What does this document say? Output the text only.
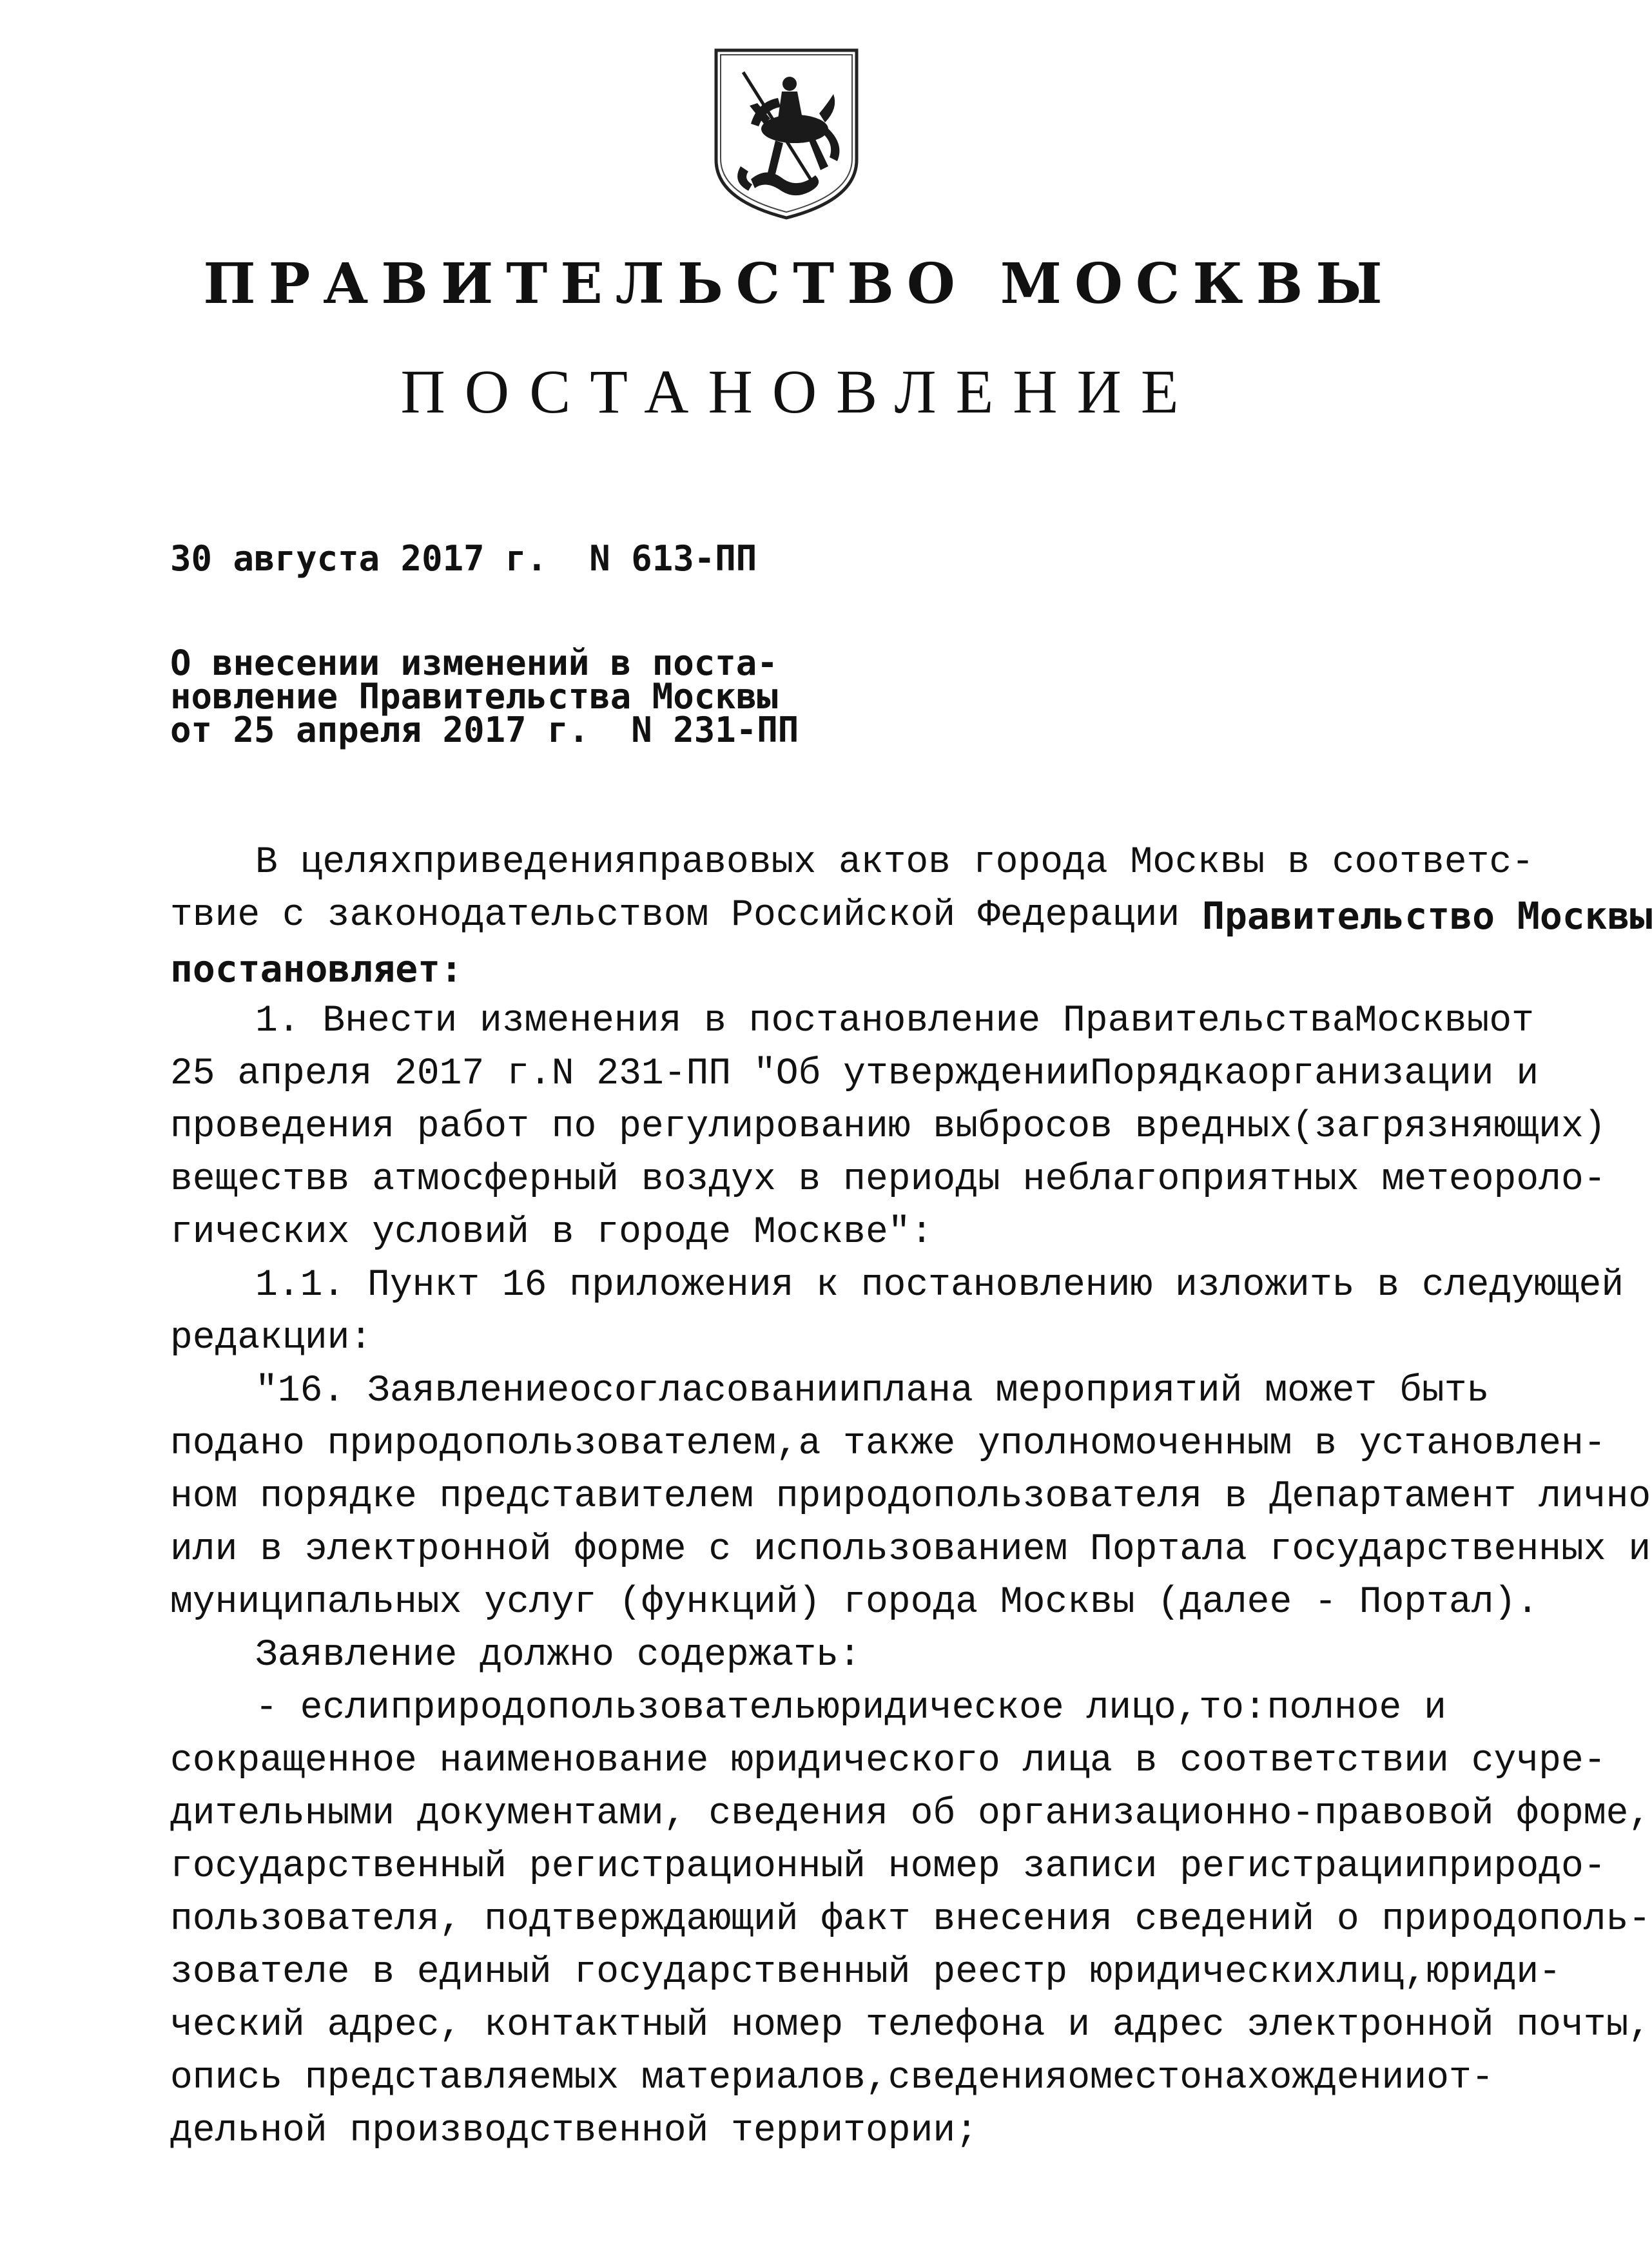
ПРАВИТЕЛЬСТВО МОСКВЫ
ПОСТАНОВЛЕНИЕ
30 августа 2017 г.  N 613-ПП
О внесении изменений в поста-
новление Правительства Москвы
от 25 апреля 2017 г.  N 231-ПП
В целях приведения правовых актов города Москвы в соответс-
твие с законодательством Российской Федерации Правительство Москвы
постановляет:
1. Внести изменения в постановление Правительства Москвы от
25 апреля 2017 г. N 231-ПП "Об утверждении Порядка организации и
проведения работ по регулированию выбросов вредных (загрязняющих)
веществ в атмосферный воздух в периоды неблагоприятных метеороло-
гических условий в городе Москве":
1.1. Пункт 16 приложения к постановлению изложить в следующей
редакции:
"16. Заявление о согласовании плана мероприятий может быть
подано природопользователем, а также уполномоченным в установлен-
ном порядке представителем природопользователя в Департамент лично
или в электронной форме с использованием Портала государственных и
муниципальных услуг (функций) города Москвы (далее - Портал).
Заявление должно содержать:
- если природопользователь юридическое лицо, то: полное и
сокращенное наименование юридического лица в соответствии с учре-
дительными документами, сведения об организационно-правовой форме,
государственный регистрационный номер записи регистрации природо-
пользователя, подтверждающий факт внесения сведений о природополь-
зователе в единый государственный реестр юридических лиц, юриди-
ческий адрес, контактный номер телефона и адрес электронной почты,
опись представляемых материалов, сведения о местонахождении от-
дельной производственной территории;
